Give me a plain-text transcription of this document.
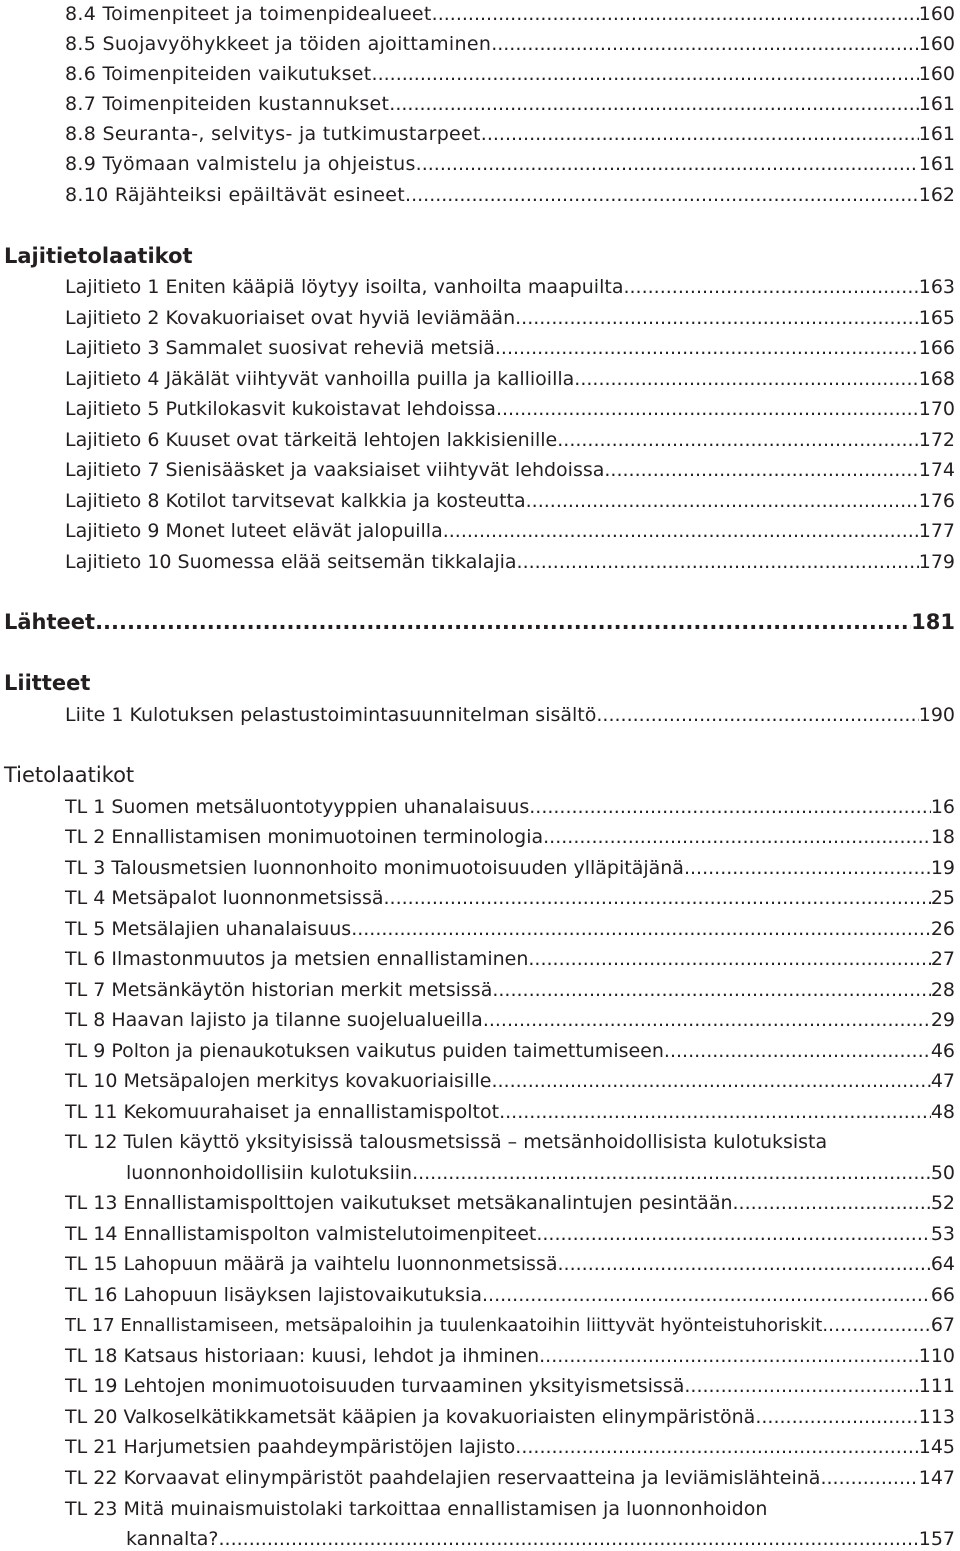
8.4 Toimenpiteet ja toimenpidealueet .....	160
8.5 Suojavyöhykkeet ja töiden ajoittaminen .....	160
8.6 Toimenpiteiden vaikutukset .....	160
8.7 Toimenpiteiden kustannukset .....	161
8.8 Seuranta-, selvitys- ja tutkimustarpeet .....	161
8.9 Työmaan valmistelu ja ohjeistus .....	161
8.10 Räjähteiksi epäiltävät esineet .....	162
Lajitietolaatikot
Lajitieto 1 Eniten kääpiä löytyy isoilta, vanhoilta maapuilta .....	163
Lajitieto 2 Kovakuoriaiset ovat hyviä leviämään .....	165
Lajitieto 3 Sammalet suosivat reheviä metsiä .....	166
Lajitieto 4 Jäkälät viihtyvät vanhoilla puilla ja kallioilla .....	168
Lajitieto 5 Putkilokasvit kukoistavat lehdoissa .....	170
Lajitieto 6 Kuuset ovat tärkeitä lehtojen lakkisienille .....	172
Lajitieto 7 Sienisääsket ja vaaksiaiset viihtyvät lehdoissa .....	174
Lajitieto 8 Kotilot tarvitsevat kalkkia ja kosteutta .....	176
Lajitieto 9 Monet luteet elävät jalopuilla .....	177
Lajitieto 10 Suomessa elää seitsemän tikkalajia .....	179
Lähteet .....	181
Liitteet
Liite 1 Kulotuksen pelastustoimintasuunnitelman sisältö .....	190
Tietolaatikot
TL 1 Suomen metsäluontotyyppien uhanalaisuus .....	16
TL 2 Ennallistamisen monimuotoinen terminologia .....	18
TL 3 Talousmetsien luonnonhoito monimuotoisuuden ylläpitäjänä .....	19
TL 4 Metsäpalot luonnonmetsissä .....	25
TL 5 Metsälajien uhanalaisuus .....	26
TL 6 Ilmastonmuutos ja metsien ennallistaminen .....	27
TL 7 Metsänkäytön historian merkit metsissä .....	28
TL 8 Haavan lajisto ja tilanne suojelualueilla .....	29
TL 9 Polton ja pienaukotuksen vaikutus puiden taimettumiseen .....	46
TL 10 Metsäpalojen merkitys kovakuoriaisille .....	47
TL 11 Kekomuurahaiset ja ennallistamispoltot .....	48
TL 12 Tulen käyttö yksityisissä talousmetsissä – metsänhoidollisista kulotuksista
luonnonhoidollisiin kulotuksiin .....	50
TL 13 Ennallistamispolttojen vaikutukset metsäkanalintujen pesintään .....	52
TL 14 Ennallistamispolton valmistelutoimenpiteet .....	53
TL 15 Lahopuun määrä ja vaihtelu luonnonmetsissä .....	64
TL 16 Lahopuun lisäyksen lajistovaikutuksia .....	66
TL 17 Ennallistamiseen, metsäpaloihin ja tuulenkaatoihin liittyvät hyönteistuhoriskit. .....	67
TL 18 Katsaus historiaan: kuusi, lehdot ja ihminen .....	110
TL 19 Lehtojen monimuotoisuuden turvaaminen yksityismetsissä .....	111
TL 20 Valkoselkätikkametsät kääpien ja kovakuoriaisten elinympäristönä .....	113
TL 21 Harjumetsien paahdeympäristöjen lajisto .....	145
TL 22 Korvaavat elinympäristöt paahdelajien reservaatteina ja leviämislähteinä .....	147
TL 23 Mitä muinaismuistolaki tarkoittaa ennallistamisen ja luonnonhoidon
kannalta? .....	157
